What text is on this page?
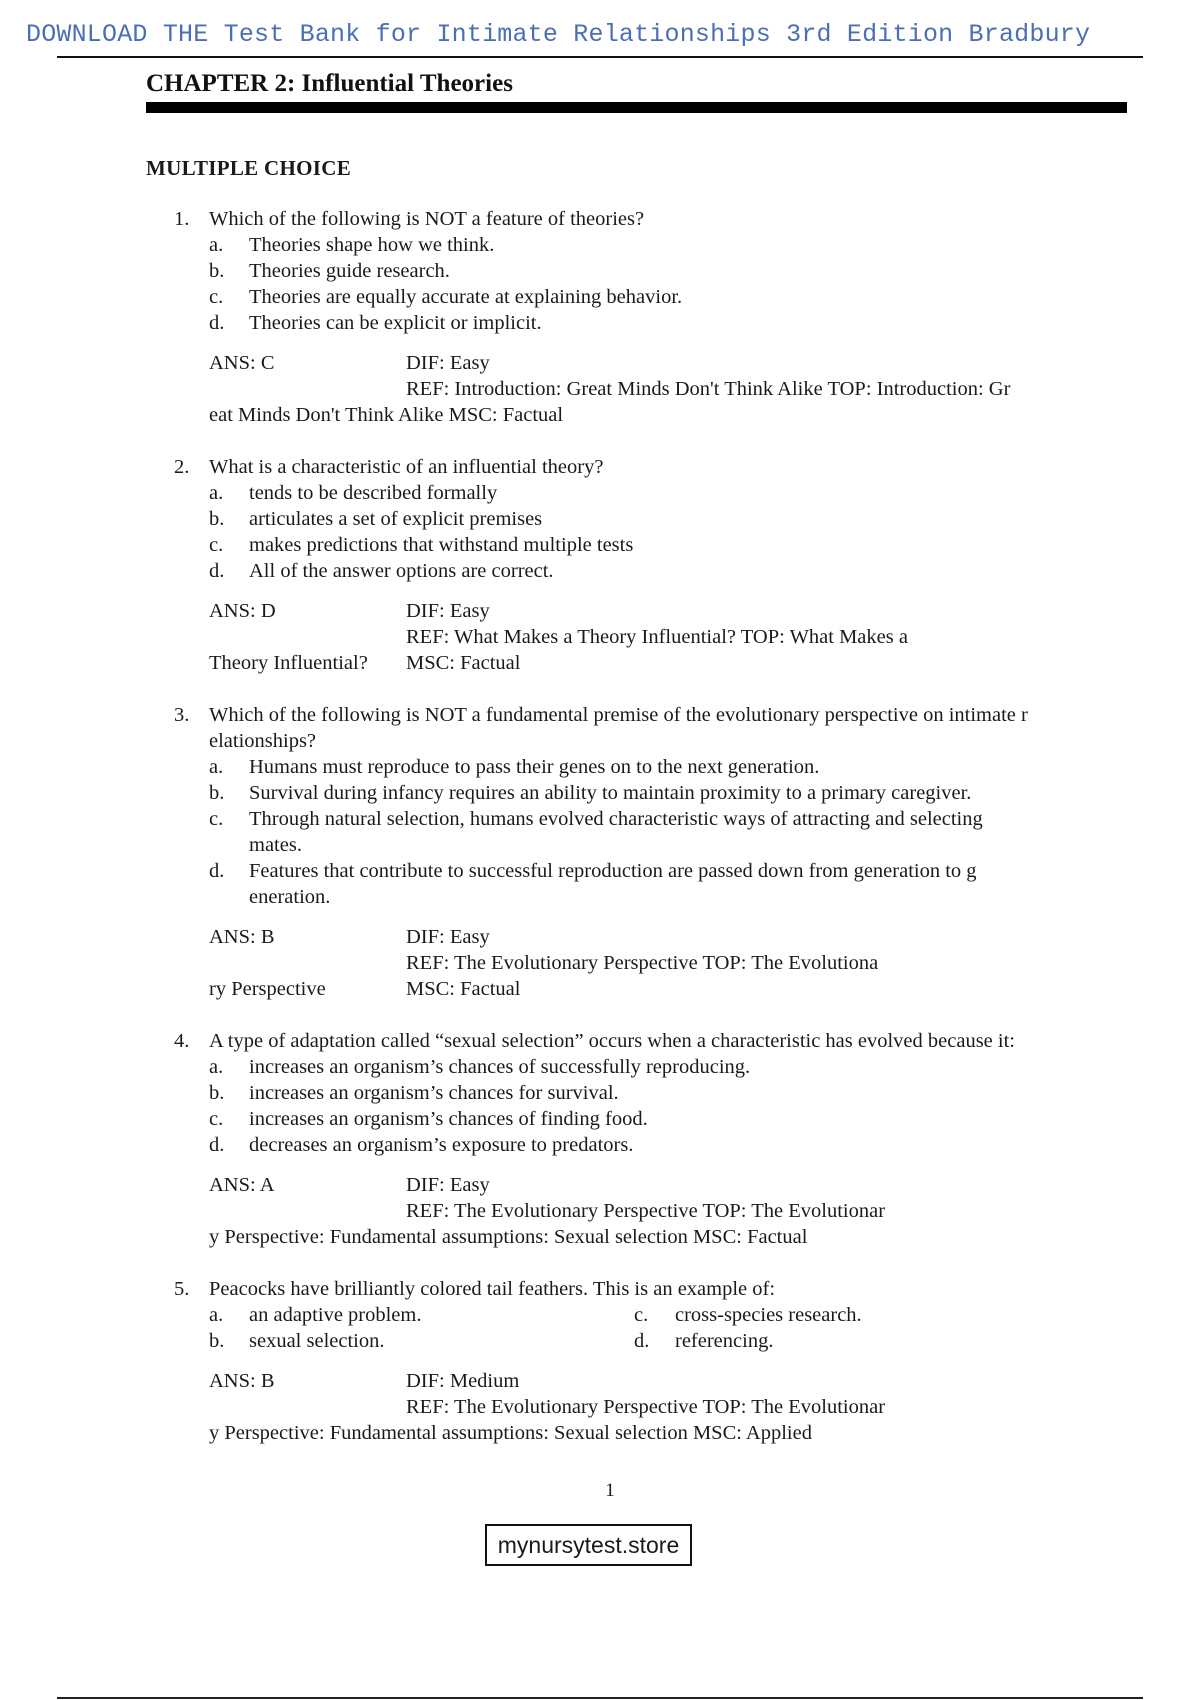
DOWNLOAD THE Test Bank for Intimate Relationships 3rd Edition Bradbury
CHAPTER 2: Influential Theories
MULTIPLE CHOICE
1. Which of the following is NOT a feature of theories?
a. Theories shape how we think.
b. Theories guide research.
c. Theories are equally accurate at explaining behavior.
d. Theories can be explicit or implicit.
ANS: C	DIF: Easy
REF: Introduction: Great Minds Don't Think Alike TOP: Introduction: Gr
eat Minds Don't Think Alike MSC: Factual
2. What is a characteristic of an influential theory?
a. tends to be described formally
b. articulates a set of explicit premises
c. makes predictions that withstand multiple tests
d. All of the answer options are correct.
ANS: D	DIF: Easy
REF: What Makes a Theory Influential? TOP: What Makes a
Theory Influential? MSC: Factual
3. Which of the following is NOT a fundamental premise of the evolutionary perspective on intimate r elationships?
a. Humans must reproduce to pass their genes on to the next generation.
b. Survival during infancy requires an ability to maintain proximity to a primary caregiver.
c. Through natural selection, humans evolved characteristic ways of attracting and selecting mates.
d. Features that contribute to successful reproduction are passed down from generation to g eneration.
ANS: B	DIF: Easy
REF: The Evolutionary Perspective TOP: The Evolutiona
ry Perspective	MSC: Factual
4. A type of adaptation called “sexual selection” occurs when a characteristic has evolved because it:
a. increases an organism’s chances of successfully reproducing.
b. increases an organism’s chances for survival.
c. increases an organism’s chances of finding food.
d. decreases an organism’s exposure to predators.
ANS: A	DIF: Easy
REF: The Evolutionary Perspective TOP: The Evolutionar
y Perspective: Fundamental assumptions: Sexual selection MSC: Factual
5. Peacocks have brilliantly colored tail feathers. This is an example of:
a. an adaptive problem.	c. cross-species research.
b. sexual selection.	d. referencing.
ANS: B	DIF: Medium
REF: The Evolutionary Perspective TOP: The Evolutionar
y Perspective: Fundamental assumptions: Sexual selection MSC: Applied
1
mynursytest.store
